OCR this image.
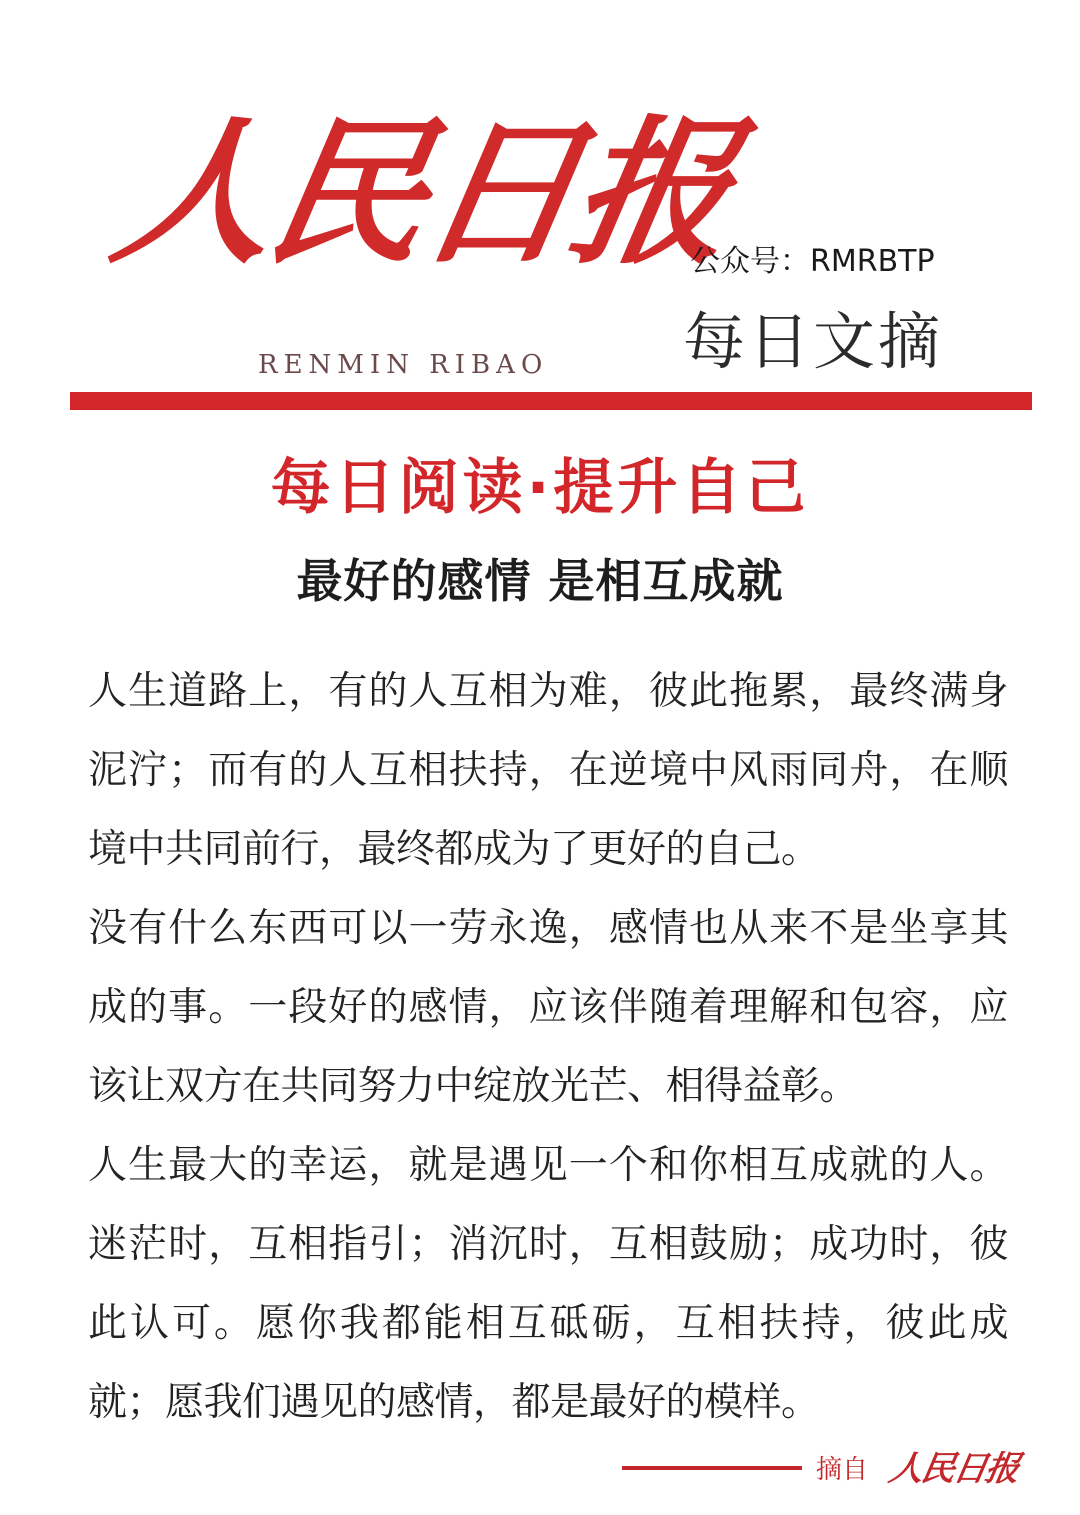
人民日报
RENMIN RIBAO
公众号：RMRBTP
每日文摘
每日阅读·提升自己
最好的感情 是相互成就

人生道路上，有的人互相为难，彼此拖累，最终满身泥泞；而有的人互相扶持，在逆境中风雨同舟，在顺境中共同前行，最终都成为了更好的自己。

没有什么东西可以一劳永逸，感情也从来不是坐享其成的事。一段好的感情，应该伴随着理解和包容，应该让双方在共同努力中绽放光芒、相得益彰。

人生最大的幸运，就是遇见一个和你相互成就的人。迷茫时，互相指引；消沉时，互相鼓励；成功时，彼此认可。愿你我都能相互砥砺，互相扶持，彼此成就；愿我们遇见的感情，都是最好的模样。

摘自 人民日报
